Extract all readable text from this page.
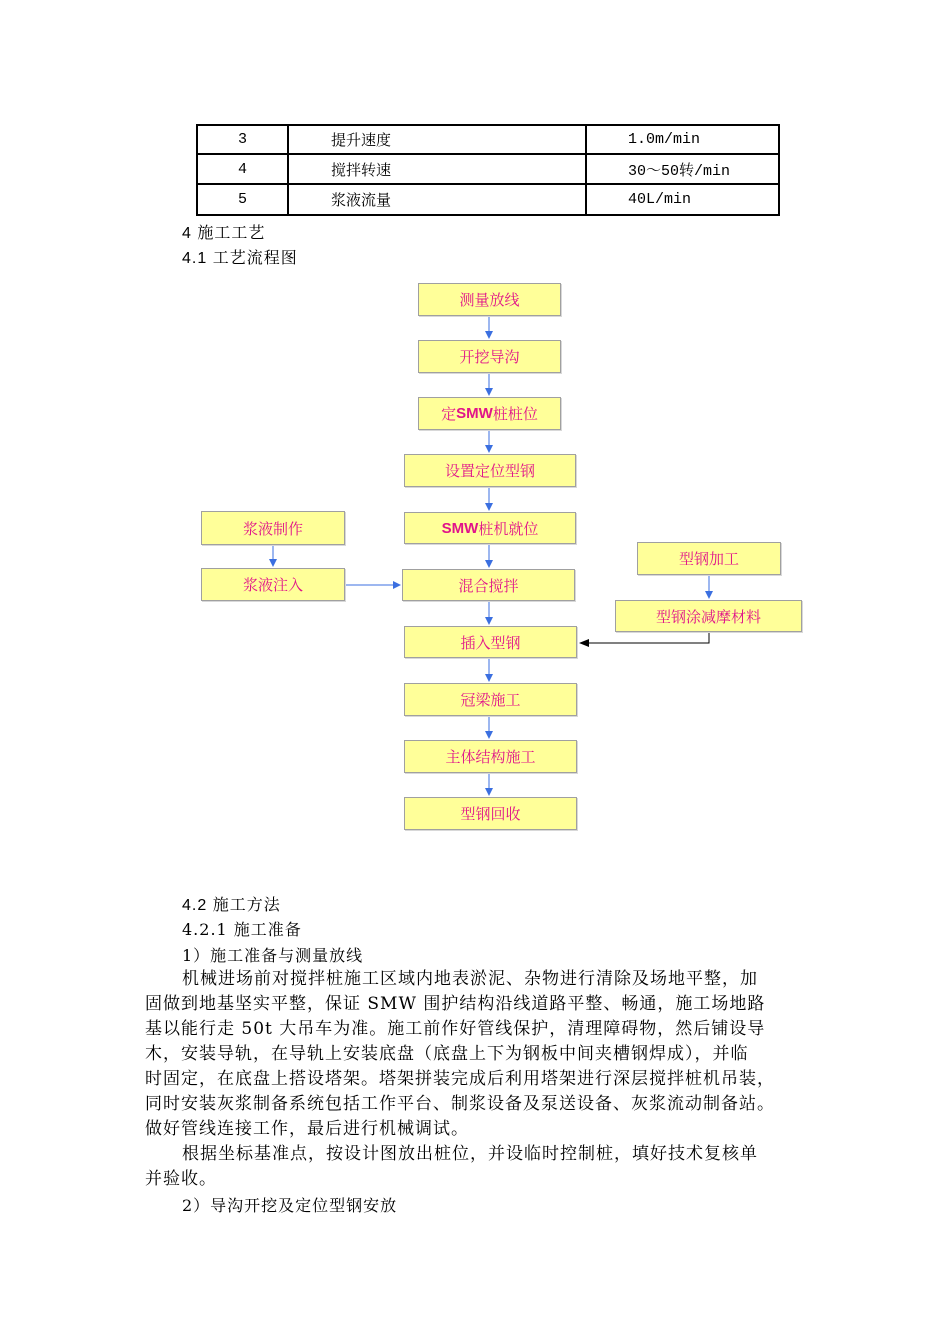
3	提升速度	1.0m/min
4	搅拌转速	30～50转/min
5	浆液流量	40L/min
4 施工工艺
4.1 工艺流程图
测量放线
开挖导沟
定 SMW 桩桩位
设置定位型钢
SMW 桩机就位
混合搅拌
插入型钢
冠梁施工
主体结构施工
型钢回收
浆液制作
浆液注入
型钢加工
型钢涂减摩材料
4.2 施工方法
4.2.1 施工准备
1）施工准备与测量放线
机械进场前对搅拌桩施工区域内地表淤泥、杂物进行清除及场地平整，加
固做到地基坚实平整，保证 SMW 围护结构沿线道路平整、畅通，施工场地路
基以能行走 50t 大吊车为准。施工前作好管线保护，清理障碍物，然后铺设导
木，安装导轨，在导轨上安装底盘（底盘上下为钢板中间夹槽钢焊成），并临
时固定，在底盘上搭设塔架。塔架拼装完成后利用塔架进行深层搅拌桩机吊装，
同时安装灰浆制备系统包括工作平台、制浆设备及泵送设备、灰浆流动制备站。
做好管线连接工作，最后进行机械调试。
根据坐标基准点，按设计图放出桩位，并设临时控制桩，填好技术复核单
并验收。
2）导沟开挖及定位型钢安放
